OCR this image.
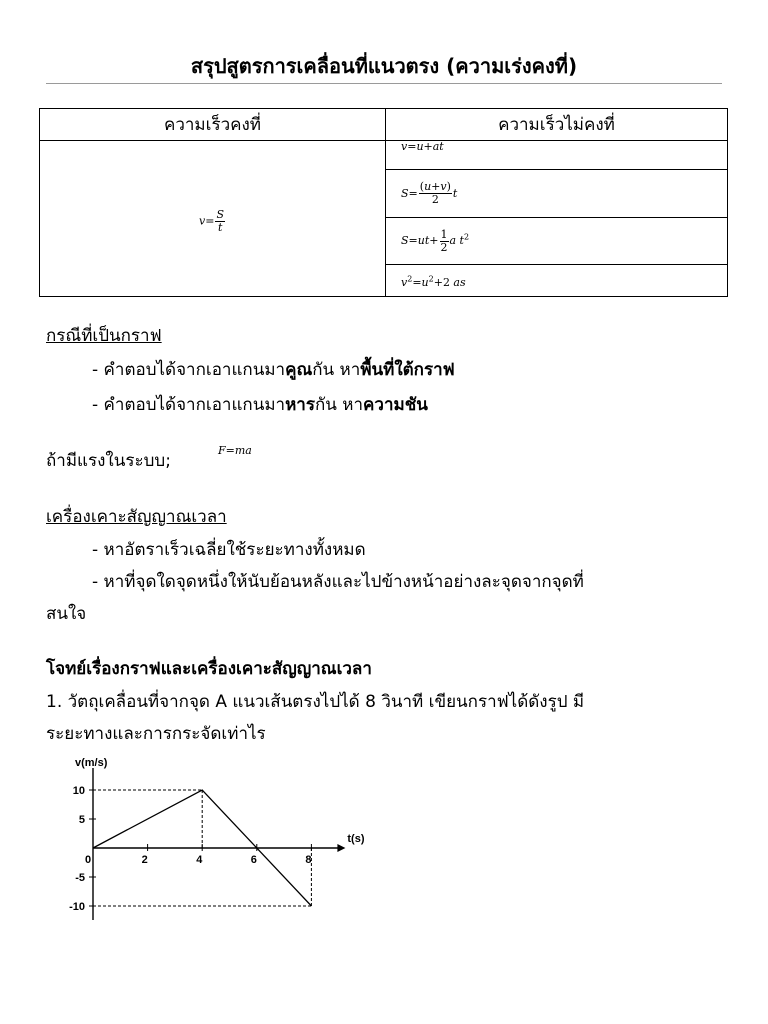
สรุปสูตรการเคลื่อนที่แนวตรง (ความเร่งคงที่)
ความเร็วคงที่	ความเร็วไม่คงที่
$v= \frac{S}{t}$	v=u+at

	$S= \frac{(u+v)}{2}$ t
	$S=ut+ \frac{1}{2}$ a $t^2$
	$v^2=u^2+2$ as
กรณีที่เป็นกราฟ
- คำตอบได้จากเอาแกนมาคูณกัน หาพื้นที่ใต้กราฟ
- คำตอบได้จากเอาแกนมาหารกัน หาความชัน
ถ้ามีแรงในระบบ;
F=ma
เครื่องเคาะสัญญาณเวลา
- หาอัตราเร็วเฉลี่ยใช้ระยะทางทั้งหมด
- หาที่จุดใดจุดหนึ่งให้นับย้อนหลังและไปข้างหน้าอย่างละจุดจากจุดที่
สนใจ
โจทย์เรื่องกราฟและเครื่องเคาะสัญญาณเวลา
1. วัตถุเคลื่อนที่จากจุด A แนวเส้นตรงไปได้ 8 วินาที เขียนกราฟได้ดังรูป มี
ระยะทางและการกระจัดเท่าไร
v(m/s)
t(s)
10
5
-5
-10
0	2	4	6	8
